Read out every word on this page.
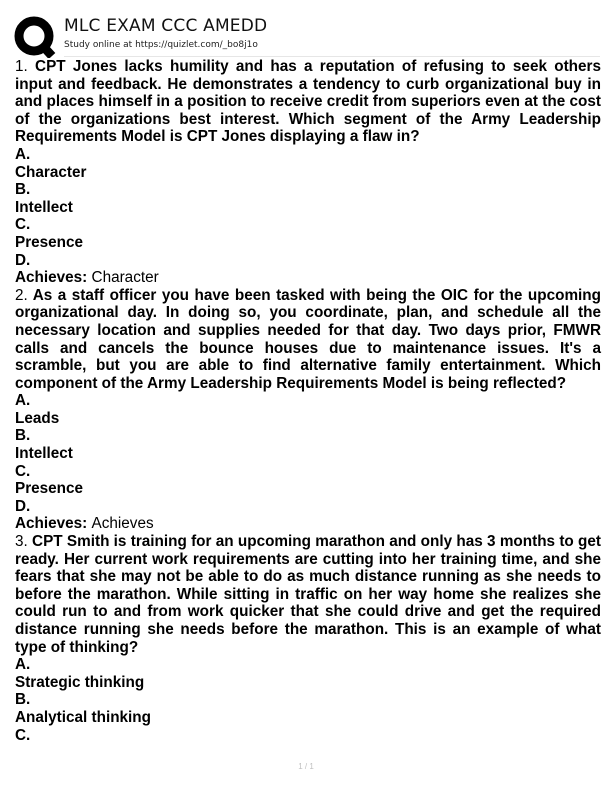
MLC EXAM CCC AMEDD
Study online at https://quizlet.com/_bo8j1o
1. CPT Jones lacks humility and has a reputation of refusing to seek others input and feedback. He demonstrates a tendency to curb organizational buy in and places himself in a position to receive credit from superiors even at the cost of the organizations best interest. Which segment of the Army Leadership Requirements Model is CPT Jones displaying a flaw in?
A.
Character
B.
Intellect
C.
Presence
D.
Achieves: Character
2. As a staff officer you have been tasked with being the OIC for the upcoming organizational day. In doing so, you coordinate, plan, and schedule all the necessary location and supplies needed for that day. Two days prior, FMWR calls and cancels the bounce houses due to maintenance issues. It's a scramble, but you are able to find alternative family entertainment. Which component of the Army Leadership Requirements Model is being reflected?
A.
Leads
B.
Intellect
C.
Presence
D.
Achieves: Achieves
3. CPT Smith is training for an upcoming marathon and only has 3 months to get ready. Her current work requirements are cutting into her training time, and she fears that she may not be able to do as much distance running as she needs to before the marathon. While sitting in traffic on her way home she realizes she could run to and from work quicker that she could drive and get the required distance running she needs before the marathon. This is an example of what type of thinking?
A.
Strategic thinking
B.
Analytical thinking
C.
1 / 1
